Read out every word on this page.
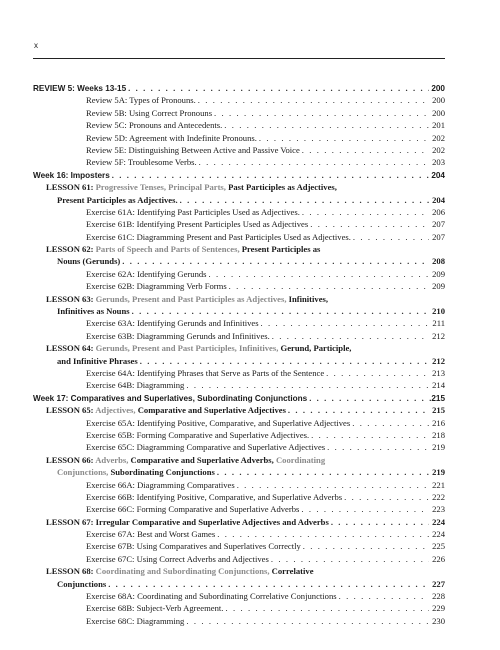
x
REVIEW 5: Weeks 13-15 . . .	200
Review 5A: Types of Pronouns. . . .	200
Review 5B: Using Correct Pronouns . . .	200
Review 5C: Pronouns and Antecedents. . . .	201
Review 5D: Agreement with Indefinite Pronouns. . . .	202
Review 5E: Distinguishing Between Active and Passive Voice . . .	202
Review 5F: Troublesome Verbs. . . .	203
Week 16: Imposters . . .	204
LESSON 61: Progressive Tenses, Principal Parts, Past Participles as Adjectives,
Present Participles as Adjectives. . . .	204
Exercise 61A: Identifying Past Participles Used as Adjectives. . . .	206
Exercise 61B: Identifying Present Participles Used as Adjectives . . .	207
Exercise 61C: Diagramming Present and Past Participles Used as Adjectives. . . .	207
LESSON 62: Parts of Speech and Parts of Sentences, Present Participles as
Nouns (Gerunds) . . .	208
Exercise 62A: Identifying Gerunds . . .	209
Exercise 62B: Diagramming Verb Forms . . .	209
LESSON 63: Gerunds, Present and Past Participles as Adjectives, Infinitives,
Infinitives as Nouns . . .	210
Exercise 63A: Identifying Gerunds and Infinitives . . .	211
Exercise 63B: Diagramming Gerunds and Infinitives. . . .	212
LESSON 64: Gerunds, Present and Past Participles, Infinitives, Gerund, Participle,
and Infinitive Phrases . . .	212
Exercise 64A: Identifying Phrases that Serve as Parts of the Sentence . . .	213
Exercise 64B: Diagramming . . .	214
Week 17: Comparatives and Superlatives, Subordinating Conjunctions . . .	.215
LESSON 65: Adjectives, Comparative and Superlative Adjectives . . .	215
Exercise 65A: Identifying Positive, Comparative, and Superlative Adjectives . . .	216
Exercise 65B: Forming Comparative and Superlative Adjectives. . . .	218
Exercise 65C: Diagramming Comparative and Superlative Adjectives . . .	219
LESSON 66: Adverbs, Comparative and Superlative Adverbs, Coordinating
Conjunctions, Subordinating Conjunctions . . .	219
Exercise 66A: Diagramming Comparatives . . .	221
Exercise 66B: Identifying Positive, Comparative, and Superlative Adverbs . . .	222
Exercise 66C: Forming Comparative and Superlative Adverbs . . .	223
LESSON 67: Irregular Comparative and Superlative Adjectives and Adverbs . . .	224
Exercise 67A: Best and Worst Games . . .	224
Exercise 67B: Using Comparatives and Superlatives Correctly . . .	225
Exercise 67C: Using Correct Adverbs and Adjectives . . .	226
LESSON 68: Coordinating and Subordinating Conjunctions, Correlative
Conjunctions . . .	227
Exercise 68A: Coordinating and Subordinating Correlative Conjunctions . . .	228
Exercise 68B: Subject-Verb Agreement. . . .	229
Exercise 68C: Diagramming . . .	230
